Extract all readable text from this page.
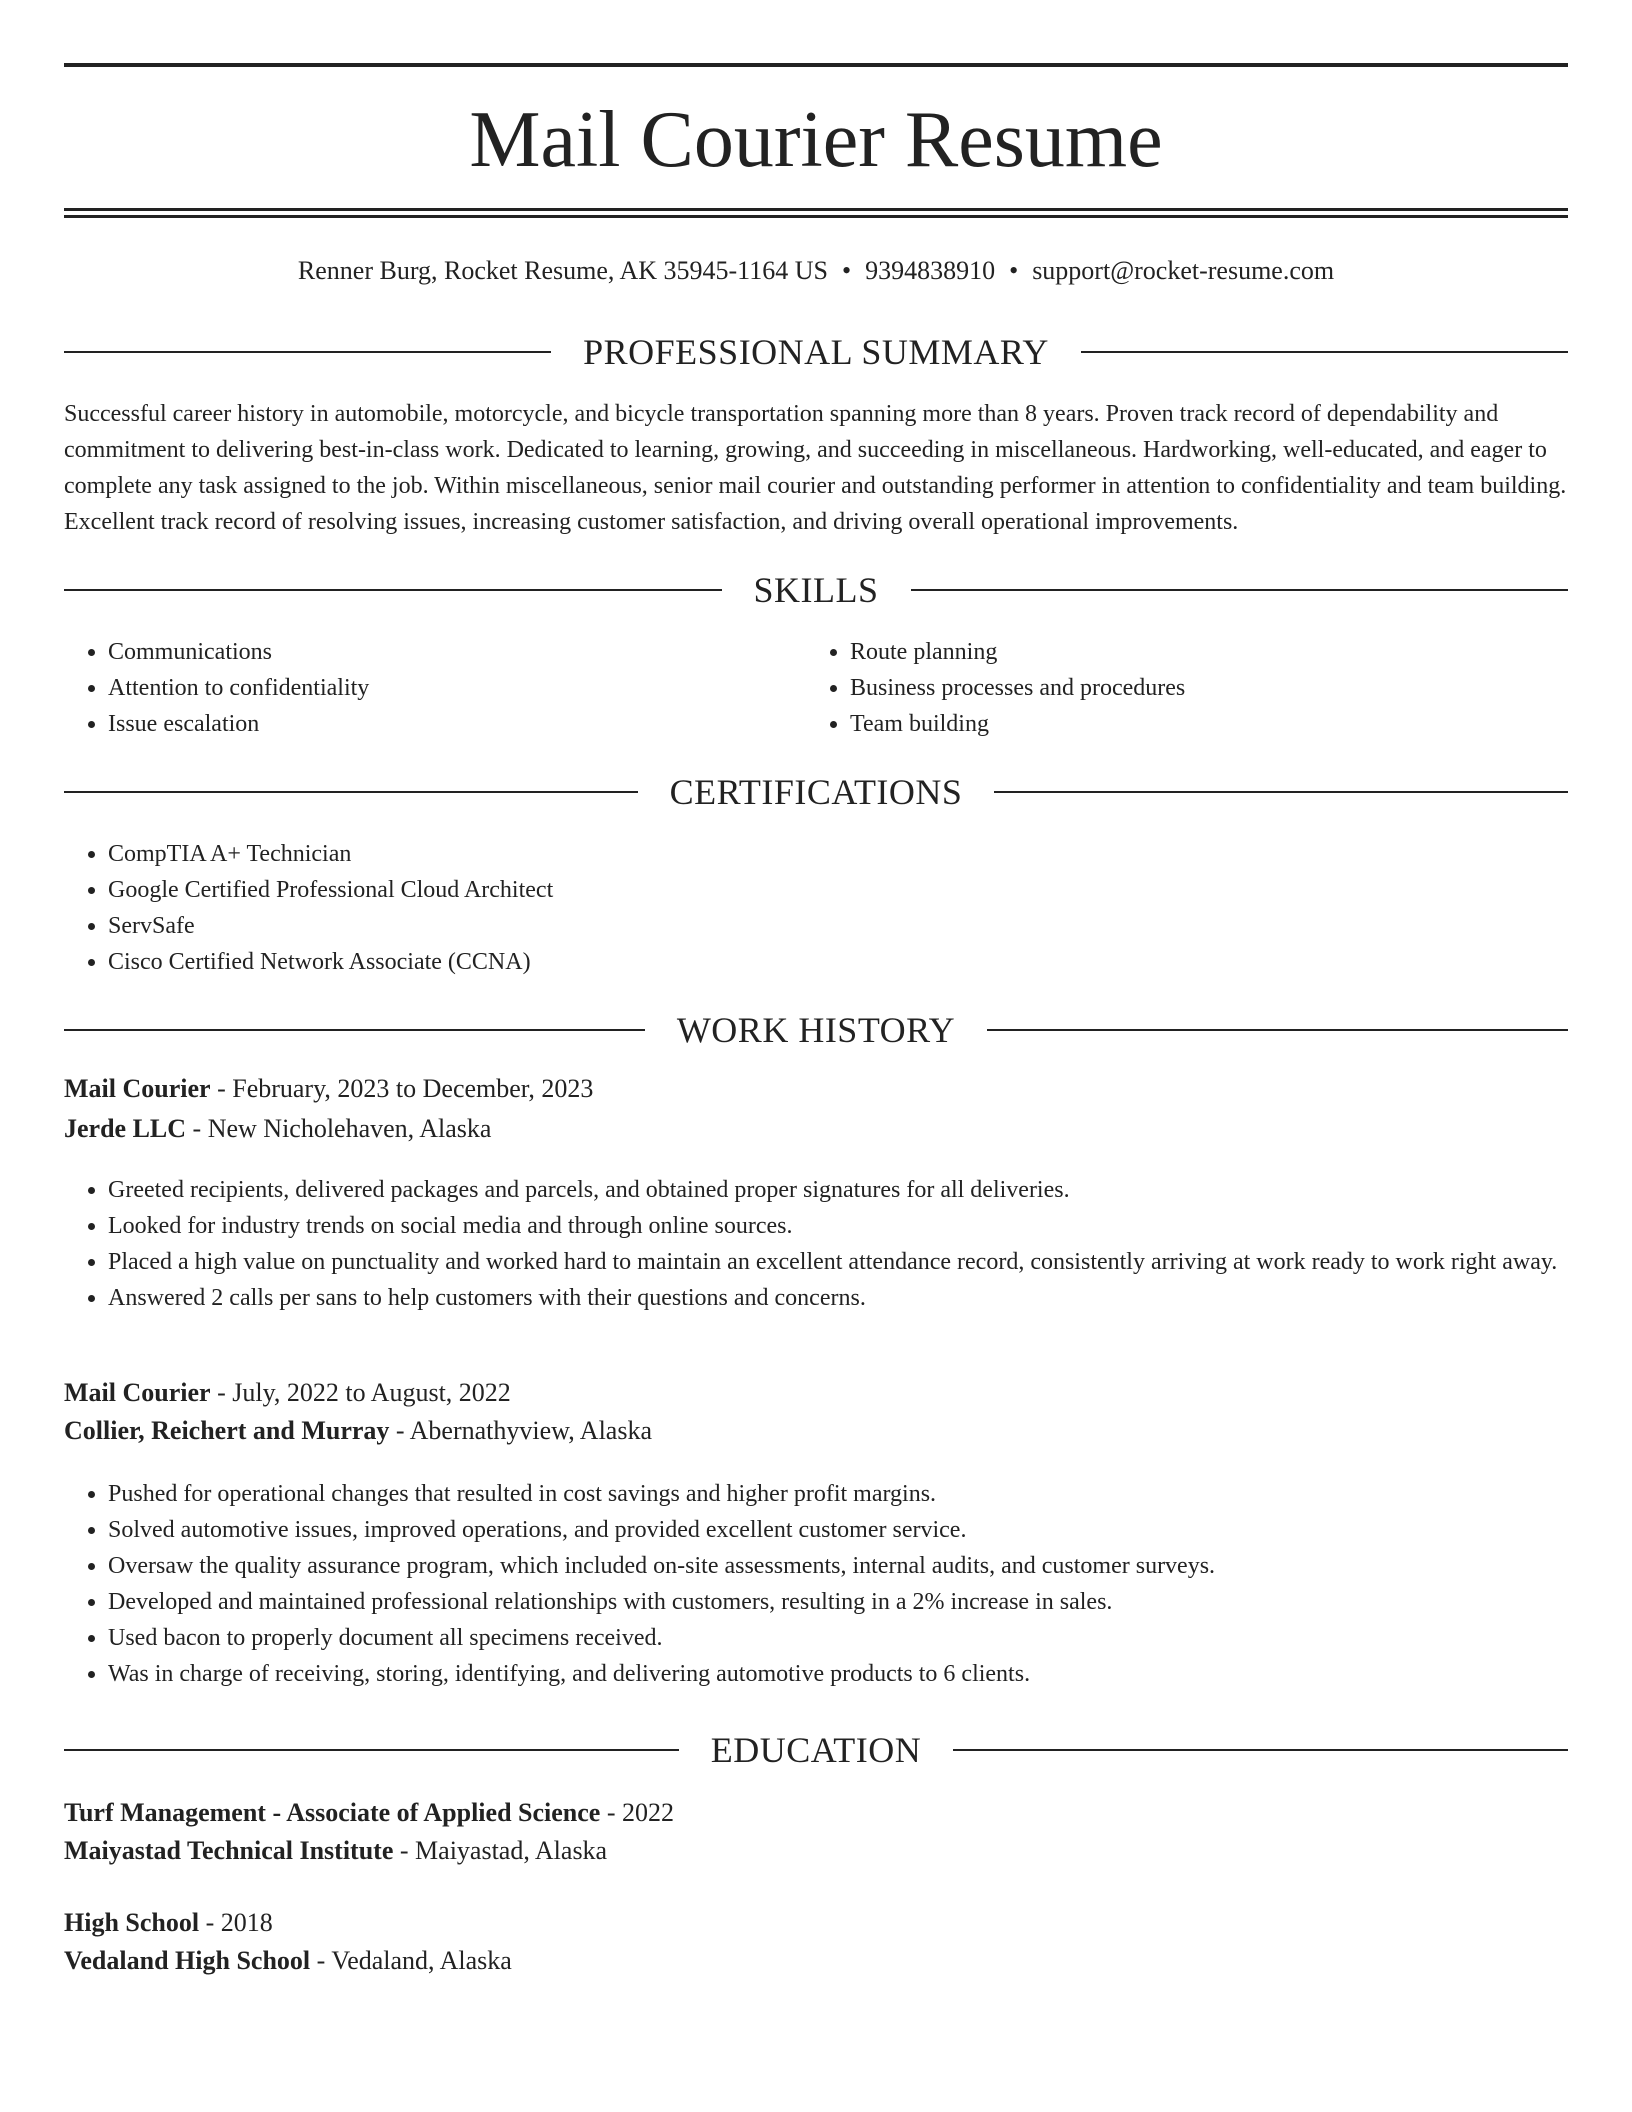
Mail Courier Resume
Renner Burg, Rocket Resume, AK 35945-1164 US • 9394838910 • support@rocket-resume.com
PROFESSIONAL SUMMARY

Successful career history in automobile, motorcycle, and bicycle transportation spanning more than 8 years. Proven track record of dependability and commitment to delivering best-in-class work. Dedicated to learning, growing, and succeeding in miscellaneous. Hardworking, well-educated, and eager to complete any task assigned to the job. Within miscellaneous, senior mail courier and outstanding performer in attention to confidentiality and team building. Excellent track record of resolving issues, increasing customer satisfaction, and driving overall operational improvements.

SKILLS
• Communications
• Attention to confidentiality
• Issue escalation
• Route planning
• Business processes and procedures
• Team building
CERTIFICATIONS
• CompTIA A+ Technician
• Google Certified Professional Cloud Architect
• ServSafe
• Cisco Certified Network Associate (CCNA)
WORK HISTORY
Mail Courier - February, 2023 to December, 2023
Jerde LLC - New Nicholehaven, Alaska
• Greeted recipients, delivered packages and parcels, and obtained proper signatures for all deliveries.
• Looked for industry trends on social media and through online sources.
• Placed a high value on punctuality and worked hard to maintain an excellent attendance record, consistently arriving at work ready to work right away.
• Answered 2 calls per sans to help customers with their questions and concerns.
Mail Courier - July, 2022 to August, 2022
Collier, Reichert and Murray - Abernathyview, Alaska
• Pushed for operational changes that resulted in cost savings and higher profit margins.
• Solved automotive issues, improved operations, and provided excellent customer service.
• Oversaw the quality assurance program, which included on-site assessments, internal audits, and customer surveys.
• Developed and maintained professional relationships with customers, resulting in a 2% increase in sales.
• Used bacon to properly document all specimens received.
• Was in charge of receiving, storing, identifying, and delivering automotive products to 6 clients.
EDUCATION
Turf Management - Associate of Applied Science - 2022
Maiyastad Technical Institute - Maiyastad, Alaska
High School - 2018
Vedaland High School - Vedaland, Alaska
